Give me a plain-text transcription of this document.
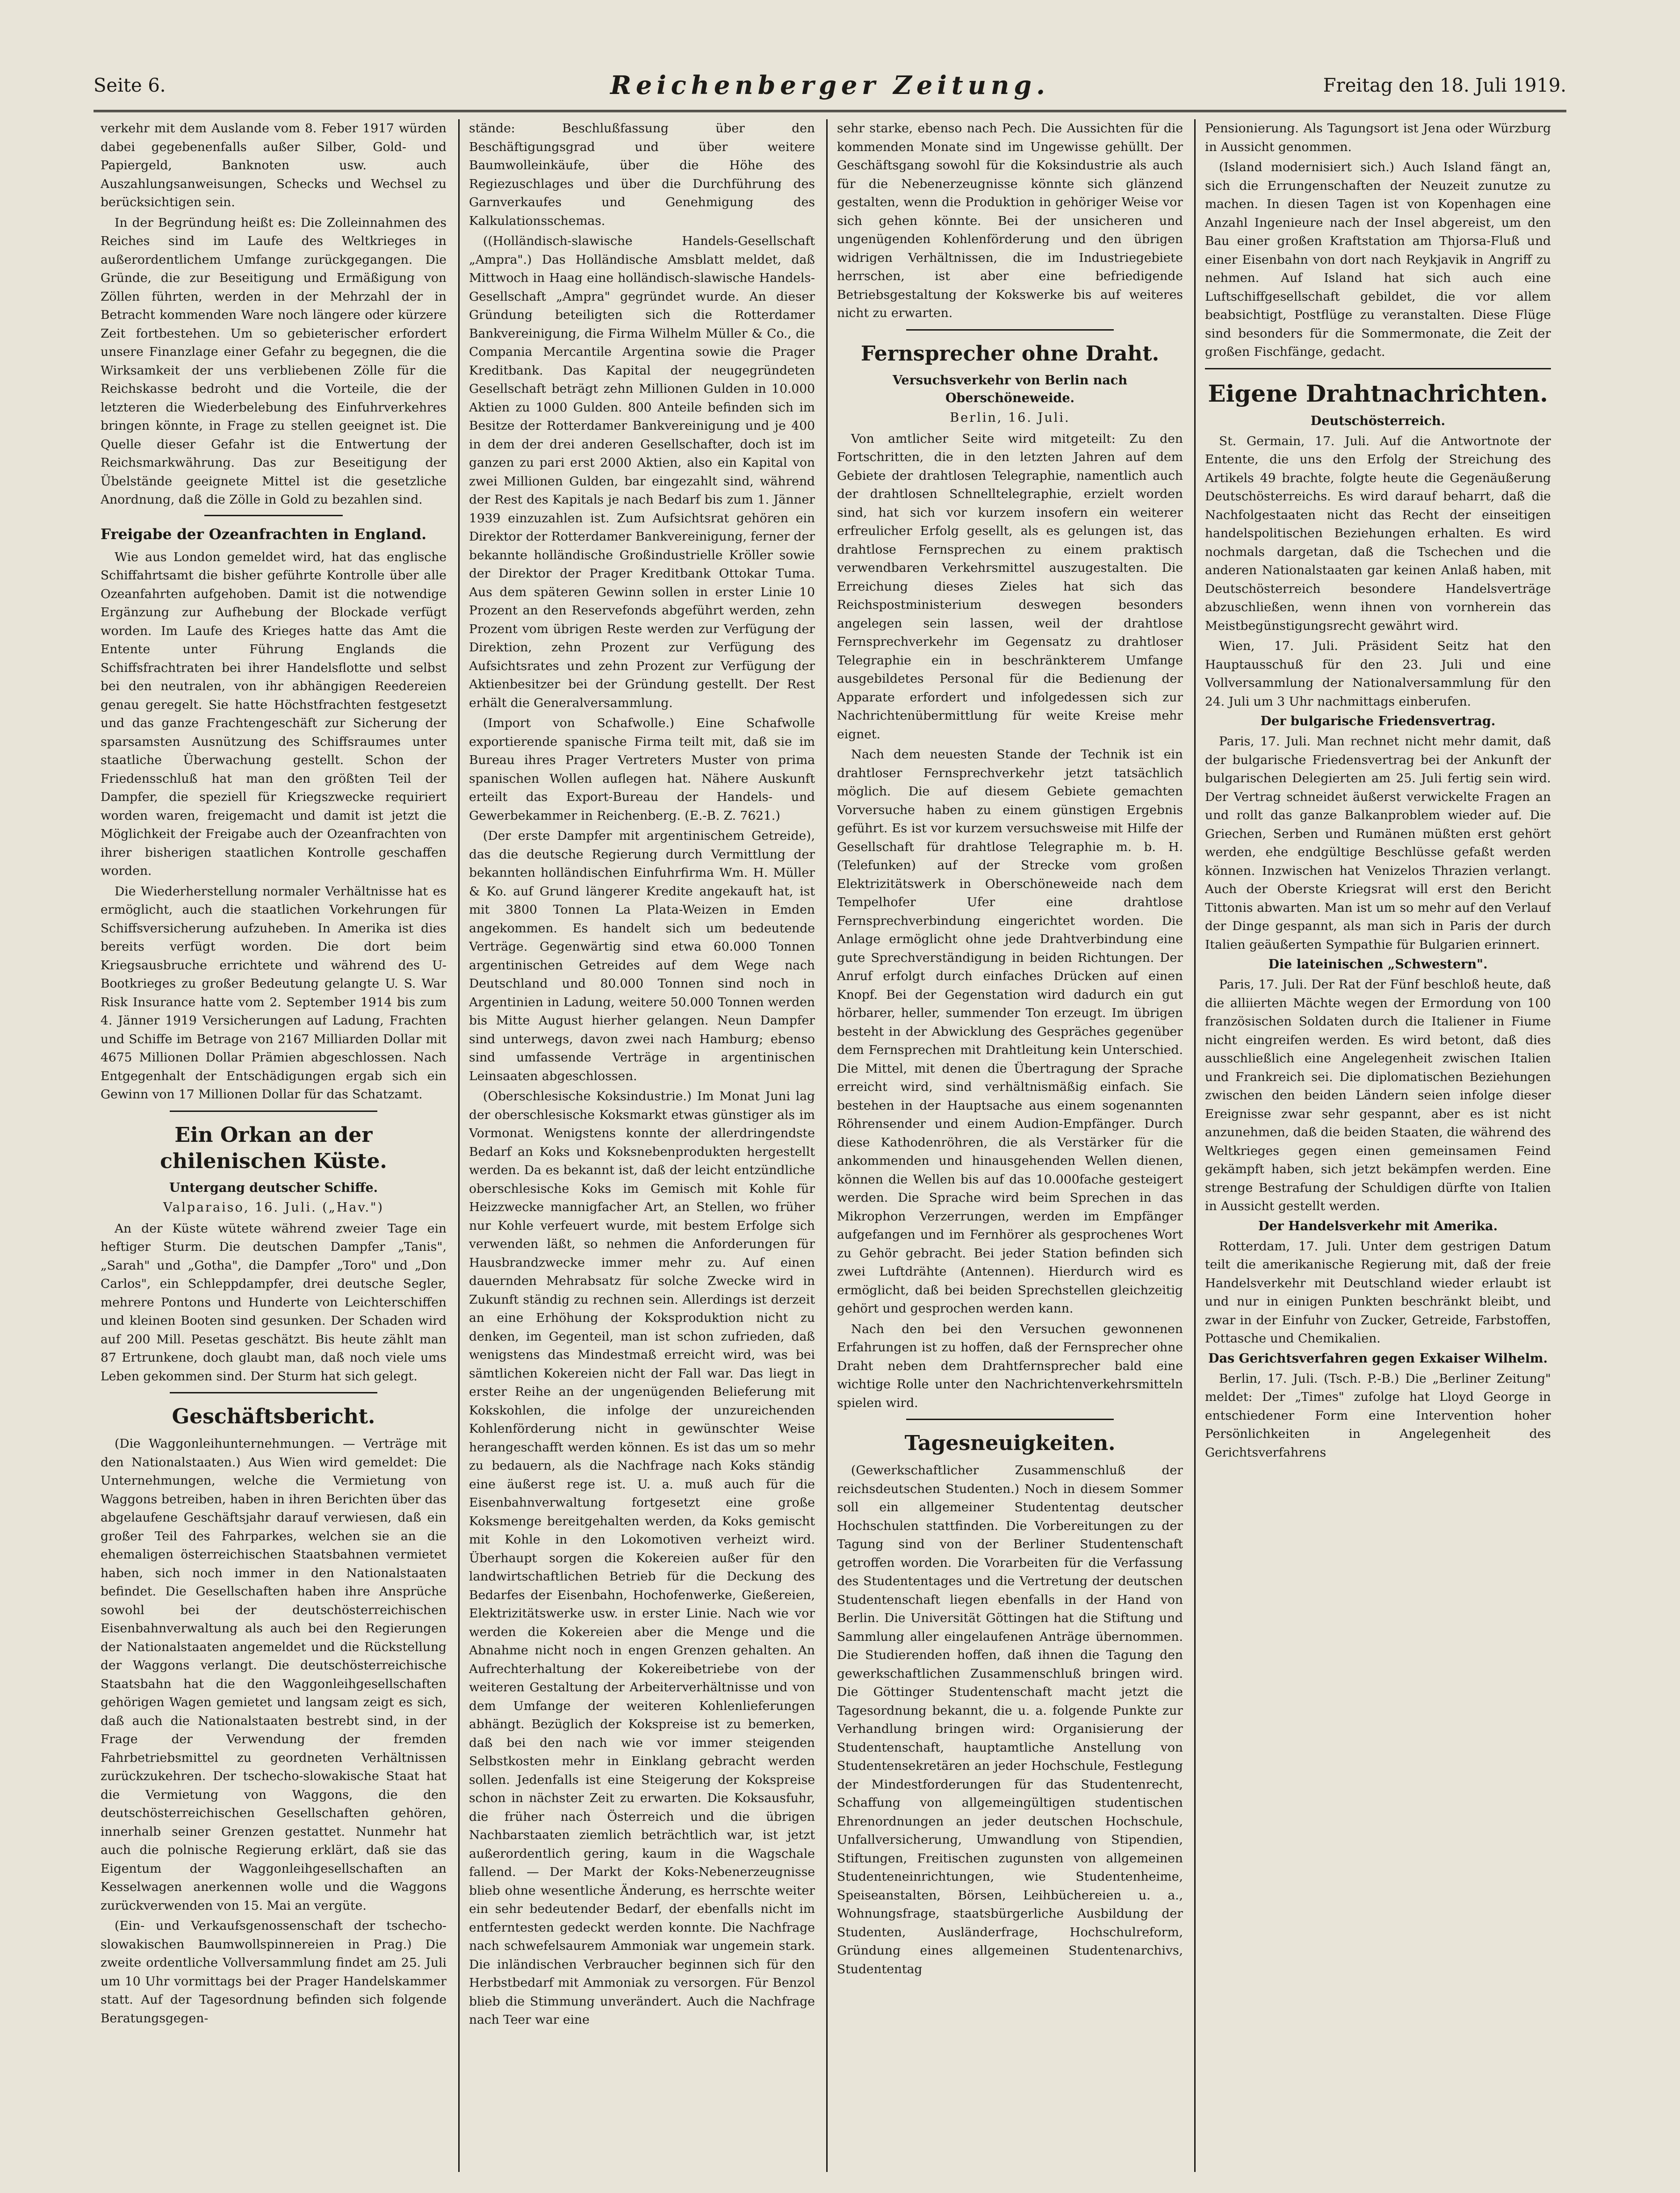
Seite 6.	Reichenberger Zeitung.	Freitag den 18. Juli 1919.

verkehr mit dem Auslande vom 8. Feber 1917 würden dabei gegebenenfalls außer Silber, Gold- und Papiergeld, Banknoten usw. auch Auszahlungsanweisungen, Schecks und Wechsel zu berücksichtigen sein.

In der Begründung heißt es: Die Zolleinnahmen des Reiches sind im Laufe des Weltkrieges in außerordentlichem Umfange zurückgegangen. Die Gründe, die zur Beseitigung und Ermäßigung von Zöllen führten, werden in der Mehrzahl der in Betracht kommenden Ware noch längere oder kürzere Zeit fortbestehen. Um so gebieterischer erfordert unsere Finanzlage einer Gefahr zu begegnen, die die Wirksamkeit der uns verbliebenen Zölle für die Reichskasse bedroht und die Vorteile, die der letzteren die Wiederbelebung des Einfuhrverkehres bringen könnte, in Frage zu stellen geeignet ist. Die Quelle dieser Gefahr ist die Entwertung der Reichsmarkwährung. Das zur Beseitigung der Übelstände geeignete Mittel ist die gesetzliche Anordnung, daß die Zölle in Gold zu bezahlen sind.

Freigabe der Ozeanfrachten in England.

Wie aus London gemeldet wird, hat das englische Schiffahrtsamt die bisher geführte Kontrolle über alle Ozeanfahrten aufgehoben. Damit ist die notwendige Ergänzung zur Aufhebung der Blockade verfügt worden. Im Laufe des Krieges hatte das Amt die Entente unter Führung Englands die Schiffsfrachtraten bei ihrer Handelsflotte und selbst bei den neutralen, von ihr abhängigen Reedereien genau geregelt. Sie hatte Höchstfrachten festgesetzt und das ganze Frachtengeschäft zur Sicherung der sparsamsten Ausnützung des Schiffsraumes unter staatliche Überwachung gestellt. Schon der Friedensschluß hat man den größten Teil der Dampfer, die speziell für Kriegszwecke requiriert worden waren, freigemacht und damit ist jetzt die Möglichkeit der Freigabe auch der Ozeanfrachten von ihrer bisherigen staatlichen Kontrolle geschaffen worden.

Die Wiederherstellung normaler Verhältnisse hat es ermöglicht, auch die staatlichen Vorkehrungen für Schiffsversicherung aufzuheben. In Amerika ist dies bereits verfügt worden. Die dort beim Kriegsausbruche errichtete und während des U-Bootkrieges zu großer Bedeutung gelangte U. S. War Risk Insurance hatte vom 2. September 1914 bis zum 4. Jänner 1919 Versicherungen auf Ladung, Frachten und Schiffe im Betrage von 2167 Milliarden Dollar mit 4675 Millionen Dollar Prämien abgeschlossen. Nach Entgegenhalt der Entschädigungen ergab sich ein Gewinn von 17 Millionen Dollar für das Schatzamt.

Ein Orkan an der chilenischen Küste.
Untergang deutscher Schiffe.
Valparaiso, 16. Juli. („Hav.")

An der Küste wütete während zweier Tage ein heftiger Sturm. Die deutschen Dampfer „Tanis", „Sarah" und „Gotha", die Dampfer „Toro" und „Don Carlos", ein Schleppdampfer, drei deutsche Segler, mehrere Pontons und Hunderte von Leichterschiffen und kleinen Booten sind gesunken. Der Schaden wird auf 200 Mill. Pesetas geschätzt. Bis heute zählt man 87 Ertrunkene, doch glaubt man, daß noch viele ums Leben gekommen sind. Der Sturm hat sich gelegt.

Geschäftsbericht.

(Die Waggonleihunternehmungen. — Verträge mit den Nationalstaaten.) Aus Wien wird gemeldet: Die Unternehmungen, welche die Vermietung von Waggons betreiben, haben in ihren Berichten über das abgelaufene Geschäftsjahr darauf verwiesen, daß ein großer Teil des Fahrparkes, welchen sie an die ehemaligen österreichischen Staatsbahnen vermietet haben, sich noch immer in den Nationalstaaten befindet. Die Gesellschaften haben ihre Ansprüche sowohl bei der deutschösterreichischen Eisenbahnverwaltung als auch bei den Regierungen der Nationalstaaten angemeldet und die Rückstellung der Waggons verlangt. Die deutschösterreichische Staatsbahn hat die den Waggonleihgesellschaften gehörigen Wagen gemietet und langsam zeigt es sich, daß auch die Nationalstaaten bestrebt sind, in der Frage der Verwendung der fremden Fahrbetriebsmittel zu geordneten Verhältnissen zurückzukehren. Der tschecho-slowakische Staat hat die Vermietung von Waggons, die den deutschösterreichischen Gesellschaften gehören, innerhalb seiner Grenzen gestattet. Nunmehr hat auch die polnische Regierung erklärt, daß sie das Eigentum der Waggonleihgesellschaften an Kesselwagen anerkennen wolle und die Waggons zurückverwenden von 15. Mai an vergüte.

(Ein- und Verkaufsgenossenschaft der tschecho-slowakischen Baumwollspinnereien in Prag.) Die zweite ordentliche Vollversammlung findet am 25. Juli um 10 Uhr vormittags bei der Prager Handelskammer statt. Auf der Tagesordnung befinden sich folgende Beratungsgegen-

stände: Beschlußfassung über den Beschäftigungsgrad und über weitere Baumwolleinkäufe, über die Höhe des Regiezuschlages und über die Durchführung des Garnverkaufes und Genehmigung des Kalkulationsschemas.

((Holländisch-slawische Handels-Gesellschaft „Ampra".) Das Holländische Amsblatt meldet, daß Mittwoch in Haag eine holländisch-slawische Handels-Gesellschaft „Ampra" gegründet wurde. An dieser Gründung beteiligten sich die Rotterdamer Bankvereinigung, die Firma Wilhelm Müller & Co., die Compania Mercantile Argentina sowie die Prager Kreditbank. Das Kapital der neugegründeten Gesellschaft beträgt zehn Millionen Gulden in 10.000 Aktien zu 1000 Gulden. 800 Anteile befinden sich im Besitze der Rotterdamer Bankvereinigung und je 400 in dem der drei anderen Gesellschafter, doch ist im ganzen zu pari erst 2000 Aktien, also ein Kapital von zwei Millionen Gulden, bar eingezahlt sind, während der Rest des Kapitals je nach Bedarf bis zum 1. Jänner 1939 einzuzahlen ist. Zum Aufsichtsrat gehören ein Direktor der Rotterdamer Bankvereinigung, ferner der bekannte holländische Großindustrielle Kröller sowie der Direktor der Prager Kreditbank Ottokar Tuma. Aus dem späteren Gewinn sollen in erster Linie 10 Prozent an den Reservefonds abgeführt werden, zehn Prozent vom übrigen Reste werden zur Verfügung der Direktion, zehn Prozent zur Verfügung des Aufsichtsrates und zehn Prozent zur Verfügung der Aktienbesitzer bei der Gründung gestellt. Der Rest erhält die Generalversammlung.

(Import von Schafwolle.) Eine Schafwolle exportierende spanische Firma teilt mit, daß sie im Bureau ihres Prager Vertreters Muster von prima spanischen Wollen auflegen hat. Nähere Auskunft erteilt das Export-Bureau der Handels- und Gewerbekammer in Reichenberg. (E.-B. Z. 7621.)

(Der erste Dampfer mit argentinischem Getreide), das die deutsche Regierung durch Vermittlung der bekannten holländischen Einfuhrfirma Wm. H. Müller & Ko. auf Grund längerer Kredite angekauft hat, ist mit 3800 Tonnen La Plata-Weizen in Emden angekommen. Es handelt sich um bedeutende Verträge. Gegenwärtig sind etwa 60.000 Tonnen argentinischen Getreides auf dem Wege nach Deutschland und 80.000 Tonnen sind noch in Argentinien in Ladung, weitere 50.000 Tonnen werden bis Mitte August hierher gelangen. Neun Dampfer sind unterwegs, davon zwei nach Hamburg; ebenso sind umfassende Verträge in argentinischen Leinsaaten abgeschlossen.

(Oberschlesische Koksindustrie.) Im Monat Juni lag der oberschlesische Koksmarkt etwas günstiger als im Vormonat. Wenigstens konnte der allerdringendste Bedarf an Koks und Koksnebenprodukten hergestellt werden. Da es bekannt ist, daß der leicht entzündliche oberschlesische Koks im Gemisch mit Kohle für Heizzwecke mannigfacher Art, an Stellen, wo früher nur Kohle verfeuert wurde, mit bestem Erfolge sich verwenden läßt, so nehmen die Anforderungen für Hausbrandzwecke immer mehr zu. Auf einen dauernden Mehrabsatz für solche Zwecke wird in Zukunft ständig zu rechnen sein. Allerdings ist derzeit an eine Erhöhung der Koksproduktion nicht zu denken, im Gegenteil, man ist schon zufrieden, daß wenigstens das Mindestmaß erreicht wird, was bei sämtlichen Kokereien nicht der Fall war. Das liegt in erster Reihe an der ungenügenden Belieferung mit Kokskohlen, die infolge der unzureichenden Kohlenförderung nicht in gewünschter Weise herangeschafft werden können. Es ist das um so mehr zu bedauern, als die Nachfrage nach Koks ständig eine äußerst rege ist. U. a. muß auch für die Eisenbahnverwaltung fortgesetzt eine große Koksmenge bereitgehalten werden, da Koks gemischt mit Kohle in den Lokomotiven verheizt wird. Überhaupt sorgen die Kokereien außer für den landwirtschaftlichen Betrieb für die Deckung des Bedarfes der Eisenbahn, Hochofenwerke, Gießereien, Elektrizitätswerke usw. in erster Linie. Nach wie vor werden die Kokereien aber die Menge und die Abnahme nicht noch in engen Grenzen gehalten. An Aufrechterhaltung der Kokereibetriebe von der weiteren Gestaltung der Arbeiterverhältnisse und von dem Umfange der weiteren Kohlenlieferungen abhängt. Bezüglich der Kokspreise ist zu bemerken, daß bei den nach wie vor immer steigenden Selbstkosten mehr in Einklang gebracht werden sollen. Jedenfalls ist eine Steigerung der Kokspreise schon in nächster Zeit zu erwarten. Die Koksausfuhr, die früher nach Österreich und die übrigen Nachbarstaaten ziemlich beträchtlich war, ist jetzt außerordentlich gering, kaum in die Wagschale fallend. — Der Markt der Koks-Nebenerzeugnisse blieb ohne wesentliche Änderung, es herrschte weiter ein sehr bedeutender Bedarf, der ebenfalls nicht im entferntesten gedeckt werden konnte. Die Nachfrage nach schwefelsaurem Ammoniak war ungemein stark. Die inländischen Verbraucher beginnen sich für den Herbstbedarf mit Ammoniak zu versorgen. Für Benzol blieb die Stimmung unverändert. Auch die Nachfrage nach Teer war eine

sehr starke, ebenso nach Pech. Die Aussichten für die kommenden Monate sind im Ungewisse gehüllt. Der Geschäftsgang sowohl für die Koksindustrie als auch für die Nebenerzeugnisse könnte sich glänzend gestalten, wenn die Produktion in gehöriger Weise vor sich gehen könnte. Bei der unsicheren und ungenügenden Kohlenförderung und den übrigen widrigen Verhältnissen, die im Industriegebiete herrschen, ist aber eine befriedigende Betriebsgestaltung der Kokswerke bis auf weiteres nicht zu erwarten.

Fernsprecher ohne Draht.
Versuchsverkehr von Berlin nach Oberschöneweide.
Berlin, 16. Juli.

Von amtlicher Seite wird mitgeteilt: Zu den Fortschritten, die in den letzten Jahren auf dem Gebiete der drahtlosen Telegraphie, namentlich auch der drahtlosen Schnelltelegraphie, erzielt worden sind, hat sich vor kurzem insofern ein weiterer erfreulicher Erfolg gesellt, als es gelungen ist, das drahtlose Fernsprechen zu einem praktisch verwendbaren Verkehrsmittel auszugestalten. Die Erreichung dieses Zieles hat sich das Reichspostministerium deswegen besonders angelegen sein lassen, weil der drahtlose Fernsprechverkehr im Gegensatz zu drahtloser Telegraphie ein in beschränkterem Umfange ausgebildetes Personal für die Bedienung der Apparate erfordert und infolgedessen sich zur Nachrichtenübermittlung für weite Kreise mehr eignet.

Nach dem neuesten Stande der Technik ist ein drahtloser Fernsprechverkehr jetzt tatsächlich möglich. Die auf diesem Gebiete gemachten Vorversuche haben zu einem günstigen Ergebnis geführt. Es ist vor kurzem versuchsweise mit Hilfe der Gesellschaft für drahtlose Telegraphie m. b. H. (Telefunken) auf der Strecke vom großen Elektrizitätswerk in Oberschöneweide nach dem Tempelhofer Ufer eine drahtlose Fernsprechverbindung eingerichtet worden. Die Anlage ermöglicht ohne jede Drahtverbindung eine gute Sprechverständigung in beiden Richtungen. Der Anruf erfolgt durch einfaches Drücken auf einen Knopf. Bei der Gegenstation wird dadurch ein gut hörbarer, heller, summender Ton erzeugt. Im übrigen besteht in der Abwicklung des Gespräches gegenüber dem Fernsprechen mit Drahtleitung kein Unterschied. Die Mittel, mit denen die Übertragung der Sprache erreicht wird, sind verhältnismäßig einfach. Sie bestehen in der Hauptsache aus einem sogenannten Röhrensender und einem Audion-Empfänger. Durch diese Kathodenröhren, die als Verstärker für die ankommenden und hinausgehenden Wellen dienen, können die Wellen bis auf das 10.000fache gesteigert werden. Die Sprache wird beim Sprechen in das Mikrophon Verzerrungen, werden im Empfänger aufgefangen und im Fernhörer als gesprochenes Wort zu Gehör gebracht. Bei jeder Station befinden sich zwei Luftdrähte (Antennen). Hierdurch wird es ermöglicht, daß bei beiden Sprechstellen gleichzeitig gehört und gesprochen werden kann.

Nach den bei den Versuchen gewonnenen Erfahrungen ist zu hoffen, daß der Fernsprecher ohne Draht neben dem Drahtfernsprecher bald eine wichtige Rolle unter den Nachrichtenverkehrsmitteln spielen wird.

Tagesneuigkeiten.

(Gewerkschaftlicher Zusammenschluß der reichsdeutschen Studenten.) Noch in diesem Sommer soll ein allgemeiner Studententag deutscher Hochschulen stattfinden. Die Vorbereitungen zu der Tagung sind von der Berliner Studentenschaft getroffen worden. Die Vorarbeiten für die Verfassung des Studententages und die Vertretung der deutschen Studentenschaft liegen ebenfalls in der Hand von Berlin. Die Universität Göttingen hat die Stiftung und Sammlung aller eingelaufenen Anträge übernommen. Die Studierenden hoffen, daß ihnen die Tagung den gewerkschaftlichen Zusammenschluß bringen wird. Die Göttinger Studentenschaft macht jetzt die Tagesordnung bekannt, die u. a. folgende Punkte zur Verhandlung bringen wird: Organisierung der Studentenschaft, hauptamtliche Anstellung von Studentensekretären an jeder Hochschule, Festlegung der Mindestforderungen für das Studentenrecht, Schaffung von allgemeingültigen studentischen Ehrenordnungen an jeder deutschen Hochschule, Unfallversicherung, Umwandlung von Stipendien, Stiftungen, Freitischen zugunsten von allgemeinen Studenteneinrichtungen, wie Studentenheime, Speiseanstalten, Börsen, Leihbüchereien u. a., Wohnungsfrage, staatsbürgerliche Ausbildung der Studenten, Ausländerfrage, Hochschulreform, Gründung eines allgemeinen Studentenarchivs, Studententag

Pensionierung. Als Tagungsort ist Jena oder Würzburg in Aussicht genommen.

(Island modernisiert sich.) Auch Island fängt an, sich die Errungenschaften der Neuzeit zunutze zu machen. In diesen Tagen ist von Kopenhagen eine Anzahl Ingenieure nach der Insel abgereist, um den Bau einer großen Kraftstation am Thjorsa-Fluß und einer Eisenbahn von dort nach Reykjavik in Angriff zu nehmen. Auf Island hat sich auch eine Luftschiffgesellschaft gebildet, die vor allem beabsichtigt, Postflüge zu veranstalten. Diese Flüge sind besonders für die Sommermonate, die Zeit der großen Fischfänge, gedacht.

Eigene Drahtnachrichten.
Deutschösterreich.

St. Germain, 17. Juli. Auf die Antwortnote der Entente, die uns den Erfolg der Streichung des Artikels 49 brachte, folgte heute die Gegenäußerung Deutschösterreichs. Es wird darauf beharrt, daß die Nachfolgestaaten nicht das Recht der einseitigen handelspolitischen Beziehungen erhalten. Es wird nochmals dargetan, daß die Tschechen und die anderen Nationalstaaten gar keinen Anlaß haben, mit Deutschösterreich besondere Handelsverträge abzuschließen, wenn ihnen von vornherein das Meistbegünstigungsrecht gewährt wird.

Wien, 17. Juli. Präsident Seitz hat den Hauptausschuß für den 23. Juli und eine Vollversammlung der Nationalversammlung für den 24. Juli um 3 Uhr nachmittags einberufen.

Der bulgarische Friedensvertrag.

Paris, 17. Juli. Man rechnet nicht mehr damit, daß der bulgarische Friedensvertrag bei der Ankunft der bulgarischen Delegierten am 25. Juli fertig sein wird. Der Vertrag schneidet äußerst verwickelte Fragen an und rollt das ganze Balkanproblem wieder auf. Die Griechen, Serben und Rumänen müßten erst gehört werden, ehe endgültige Beschlüsse gefaßt werden können. Inzwischen hat Venizelos Thrazien verlangt. Auch der Oberste Kriegsrat will erst den Bericht Tittonis abwarten. Man ist um so mehr auf den Verlauf der Dinge gespannt, als man sich in Paris der durch Italien geäußerten Sympathie für Bulgarien erinnert.

Die lateinischen „Schwestern".

Paris, 17. Juli. Der Rat der Fünf beschloß heute, daß die alliierten Mächte wegen der Ermordung von 100 französischen Soldaten durch die Italiener in Fiume nicht eingreifen werden. Es wird betont, daß dies ausschließlich eine Angelegenheit zwischen Italien und Frankreich sei. Die diplomatischen Beziehungen zwischen den beiden Ländern seien infolge dieser Ereignisse zwar sehr gespannt, aber es ist nicht anzunehmen, daß die beiden Staaten, die während des Weltkrieges gegen einen gemeinsamen Feind gekämpft haben, sich jetzt bekämpfen werden. Eine strenge Bestrafung der Schuldigen dürfte von Italien in Aussicht gestellt werden.

Der Handelsverkehr mit Amerika.

Rotterdam, 17. Juli. Unter dem gestrigen Datum teilt die amerikanische Regierung mit, daß der freie Handelsverkehr mit Deutschland wieder erlaubt ist und nur in einigen Punkten beschränkt bleibt, und zwar in der Einfuhr von Zucker, Getreide, Farbstoffen, Pottasche und Chemikalien.

Das Gerichtsverfahren gegen Exkaiser Wilhelm.

Berlin, 17. Juli. (Tsch. P.-B.) Die „Berliner Zeitung" meldet: Der „Times" zufolge hat Lloyd George in entschiedener Form eine Intervention hoher Persönlichkeiten in Angelegenheit des Gerichtsverfahrens
